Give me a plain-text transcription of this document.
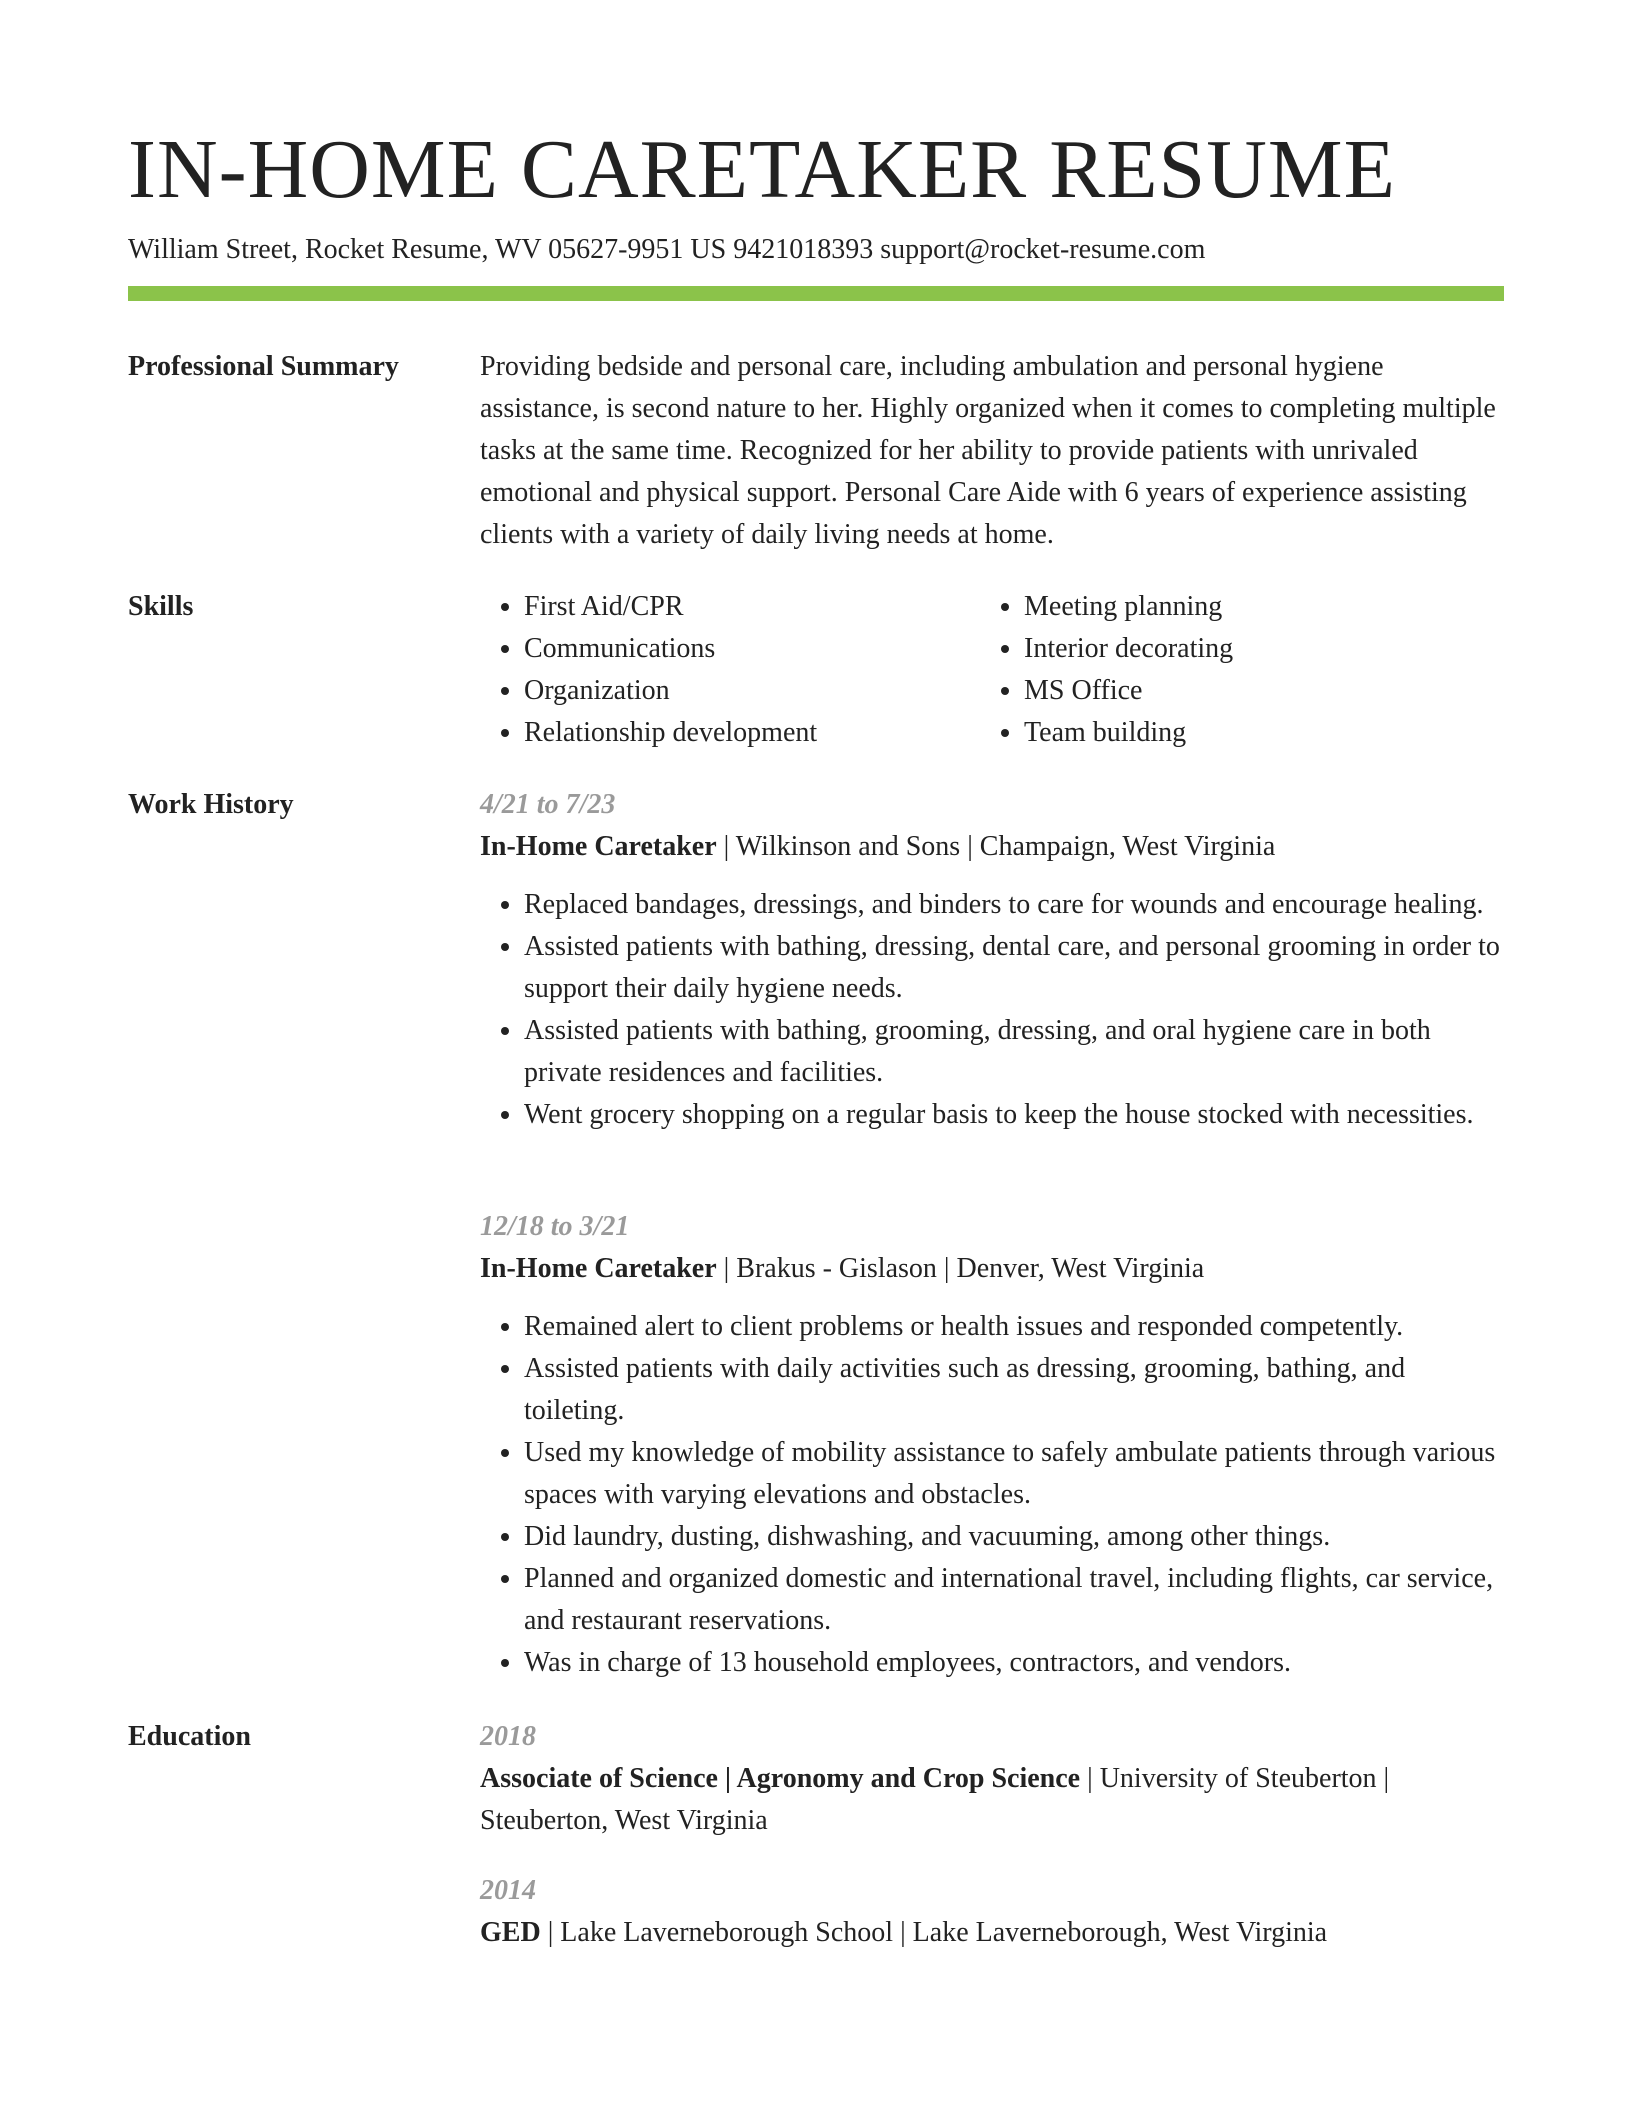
IN-HOME CARETAKER RESUME
William Street, Rocket Resume, WV 05627-9951 US 9421018393 support@rocket-resume.com
Professional Summary	Providing bedside and personal care, including ambulation and personal hygiene assistance, is second nature to her. Highly organized when it comes to completing multiple tasks at the same time. Recognized for her ability to provide patients with unrivaled emotional and physical support. Personal Care Aide with 6 years of experience assisting clients with a variety of daily living needs at home.

Skills
•	First Aid/CPR
• Communications
• Organization
• Relationship development
• Meeting planning
• Interior decorating
• MS Office
• Team building
Work History	4/21 to 7/23
In-Home Caretaker | Wilkinson and Sons | Champaign, West Virginia
• Replaced bandages, dressings, and binders to care for wounds and encourage healing.
• Assisted patients with bathing, dressing, dental care, and personal grooming in order to support their daily hygiene needs.
• Assisted patients with bathing, grooming, dressing, and oral hygiene care in both private residences and facilities.
• Went grocery shopping on a regular basis to keep the house stocked with necessities.
12/18 to 3/21
In-Home Caretaker | Brakus - Gislason | Denver, West Virginia
• Remained alert to client problems or health issues and responded competently.
• Assisted patients with daily activities such as dressing, grooming, bathing, and toileting.
• Used my knowledge of mobility assistance to safely ambulate patients through various spaces with varying elevations and obstacles.
• Did laundry, dusting, dishwashing, and vacuuming, among other things.
• Planned and organized domestic and international travel, including flights, car service, and restaurant reservations.
• Was in charge of 13 household employees, contractors, and vendors.
Education	2018
Associate of Science | Agronomy and Crop Science | University of Steuberton | Steuberton, West Virginia
2014
GED | Lake Laverneborough School | Lake Laverneborough, West Virginia
